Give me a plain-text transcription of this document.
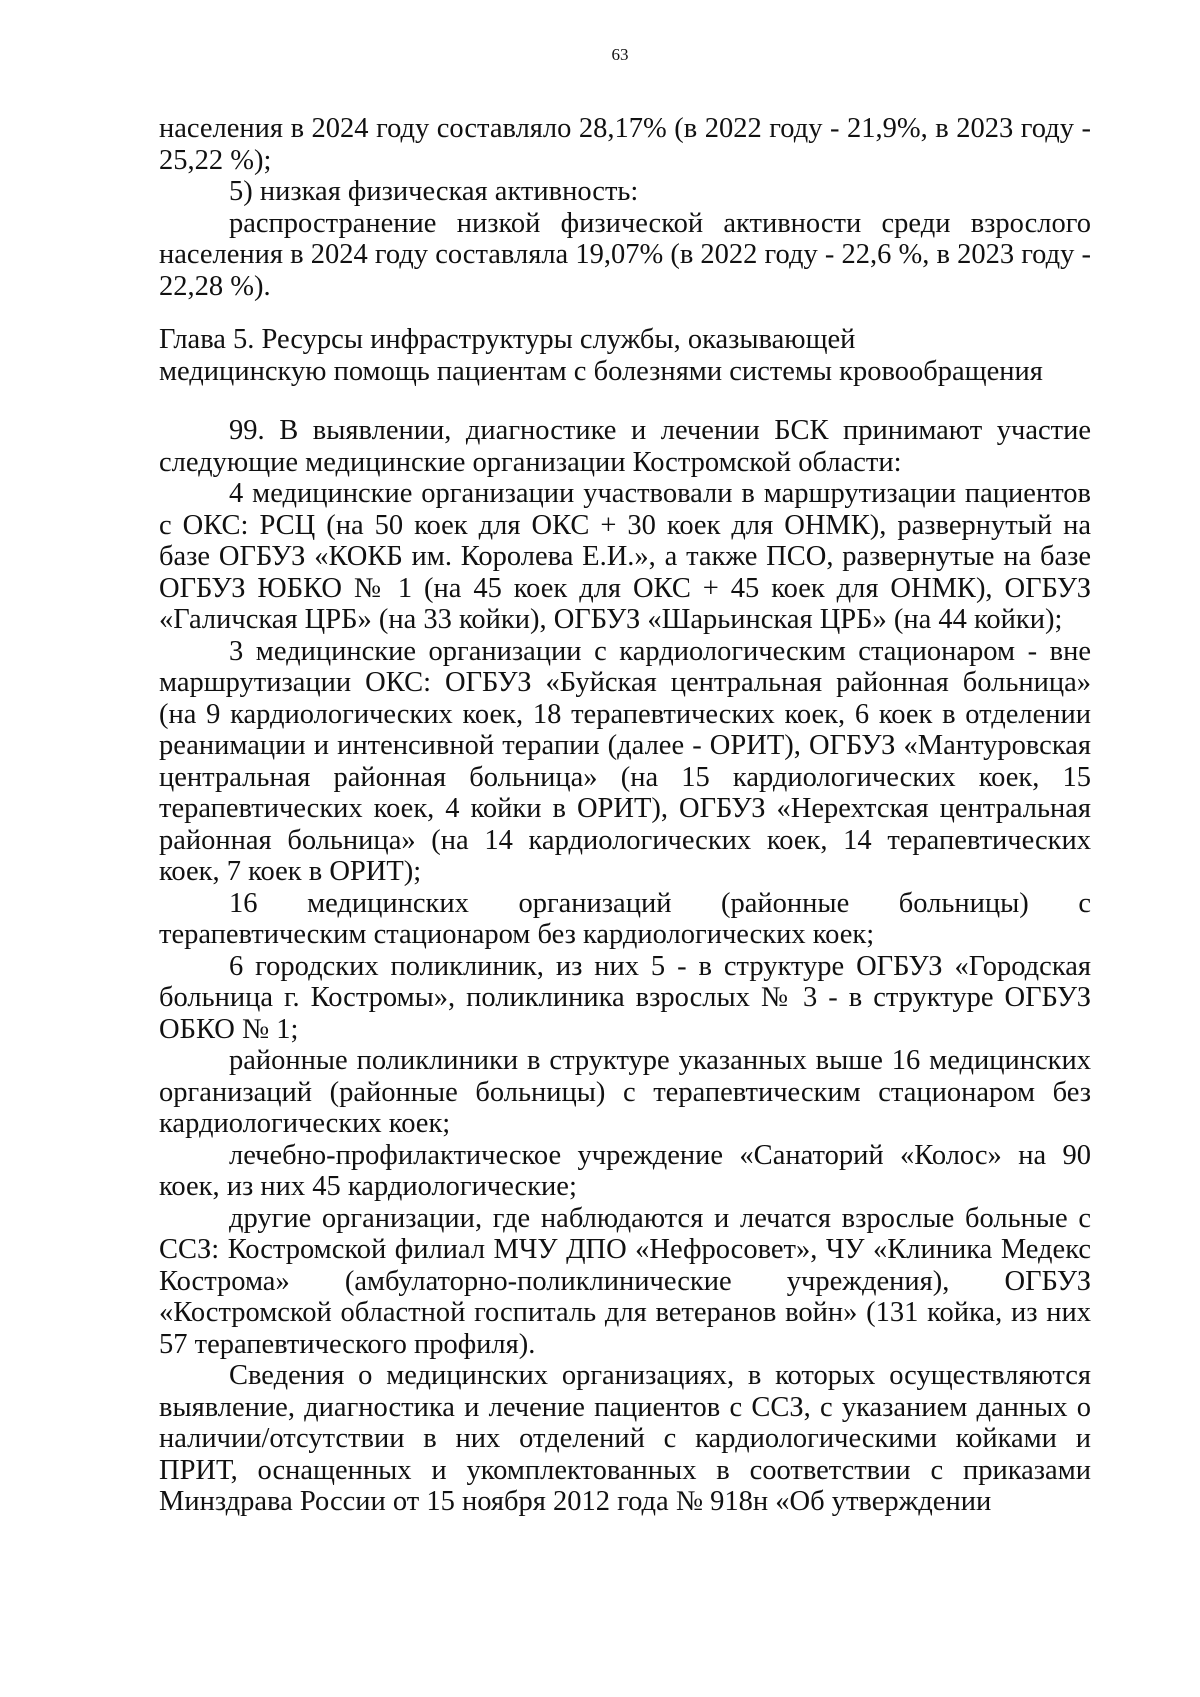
63

населения в 2024 году составляло 28,17% (в 2022 году - 21,9%, в 2023 году - 25,22 %);

5) низкая физическая активность:

распространение низкой физической активности среди взрослого населения в 2024 году составляла 19,07% (в 2022 году - 22,6 %, в 2023 году - 22,28 %).

Глава 5. Ресурсы инфраструктуры службы, оказывающей
медицинскую помощь пациентам с болезнями системы кровообращения

99. В выявлении, диагностике и лечении БСК принимают участие следующие медицинские организации Костромской области:

4 медицинские организации участвовали в маршрутизации пациентов с ОКС: РСЦ (на 50 коек для ОКС + 30 коек для ОНМК), развернутый на базе ОГБУЗ «КОКБ им. Королева Е.И.», а также ПСО, развернутые на базе ОГБУЗ ЮБКО № 1 (на 45 коек для ОКС + 45 коек для ОНМК), ОГБУЗ «Галичская ЦРБ» (на 33 койки), ОГБУЗ «Шарьинская ЦРБ» (на 44 койки);

3 медицинские организации с кардиологическим стационаром - вне маршрутизации ОКС: ОГБУЗ «Буйская центральная районная больница» (на 9 кардиологических коек, 18 терапевтических коек, 6 коек в отделении реанимации и интенсивной терапии (далее - ОРИТ), ОГБУЗ «Мантуровская центральная районная больница» (на 15 кардиологических коек, 15 терапевтических коек, 4 койки в ОРИТ), ОГБУЗ «Нерехтская центральная районная больница» (на 14 кардиологических коек, 14 терапевтических коек, 7 коек в ОРИТ);

16 медицинских организаций (районные больницы) с терапевтическим стационаром без кардиологических коек;

6 городских поликлиник, из них 5 - в структуре ОГБУЗ «Городская больница г. Костромы», поликлиника взрослых № 3 - в структуре ОГБУЗ ОБКО № 1;

районные поликлиники в структуре указанных выше 16 медицинских организаций (районные больницы) с терапевтическим стационаром без кардиологических коек;

лечебно-профилактическое учреждение «Санаторий «Колос» на 90 коек, из них 45 кардиологические;

другие организации, где наблюдаются и лечатся взрослые больные с ССЗ: Костромской филиал МЧУ ДПО «Нефросовет», ЧУ «Клиника Медекс Кострома» (амбулаторно-поликлинические учреждения), ОГБУЗ «Костромской областной госпиталь для ветеранов войн» (131 койка, из них 57 терапевтического профиля).

Сведения о медицинских организациях, в которых осуществляются выявление, диагностика и лечение пациентов с ССЗ, с указанием данных о наличии/отсутствии в них отделений с кардиологическими койками и ПРИТ, оснащенных и укомплектованных в соответствии с приказами Минздрава России от 15 ноября 2012 года № 918н «Об утверждении
